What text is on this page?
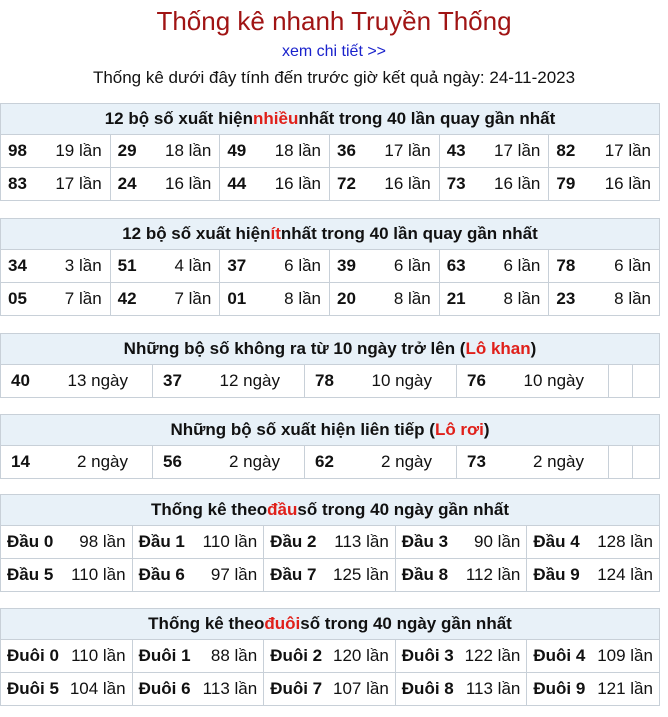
Thống kê nhanh Truyền Thống
xem chi tiết >>
Thống kê dưới đây tính đến trước giờ kết quả ngày: 24-11-2023
12 bộ số xuất hiện nhiều nhất trong 40 lần quay gần nhất
98 19 lần 29 18 lần 49 18 lần 36 17 lần 43 17 lần 82 17 lần
83 17 lần 24 16 lần 44 16 lần 72 16 lần 73 16 lần 79 16 lần
12 bộ số xuất hiện ít nhất trong 40 lần quay gần nhất
34 3 lần 51 4 lần 37 6 lần 39 6 lần 63 6 lần 78 6 lần
05 7 lần 42 7 lần 01 8 lần 20 8 lần 21 8 lần 23 8 lần
Những bộ số không ra từ 10 ngày trở lên ( Lô khan )
40 13 ngày 37 12 ngày 78 10 ngày 76 10 ngày
Những bộ số xuất hiện liên tiếp ( Lô rơi )
14	2 ngày 56	2 ngày 62	2 ngày 73	2 ngày
Thống kê theo đầu số trong 40 ngày gần nhất
Đầu 0 98 lần Đầu 1 110 lần Đầu 2 113 lần Đầu 3 90 lần Đầu 4 128 lần
Đầu 5 110 lần Đầu 6 97 lần Đầu 7 125 lần Đầu 8 112 lần Đầu 9 124 lần
Thống kê theo đuôi số trong 40 ngày gần nhất
Đuôi 0 110 lần Đuôi 1 88 lần Đuôi 2 120 lần Đuôi 3 122 lần Đuôi 4 109 lần
Đuôi 5 104 lần Đuôi 6 113 lần Đuôi 7 107 lần Đuôi 8 113 lần Đuôi 9 121 lần
